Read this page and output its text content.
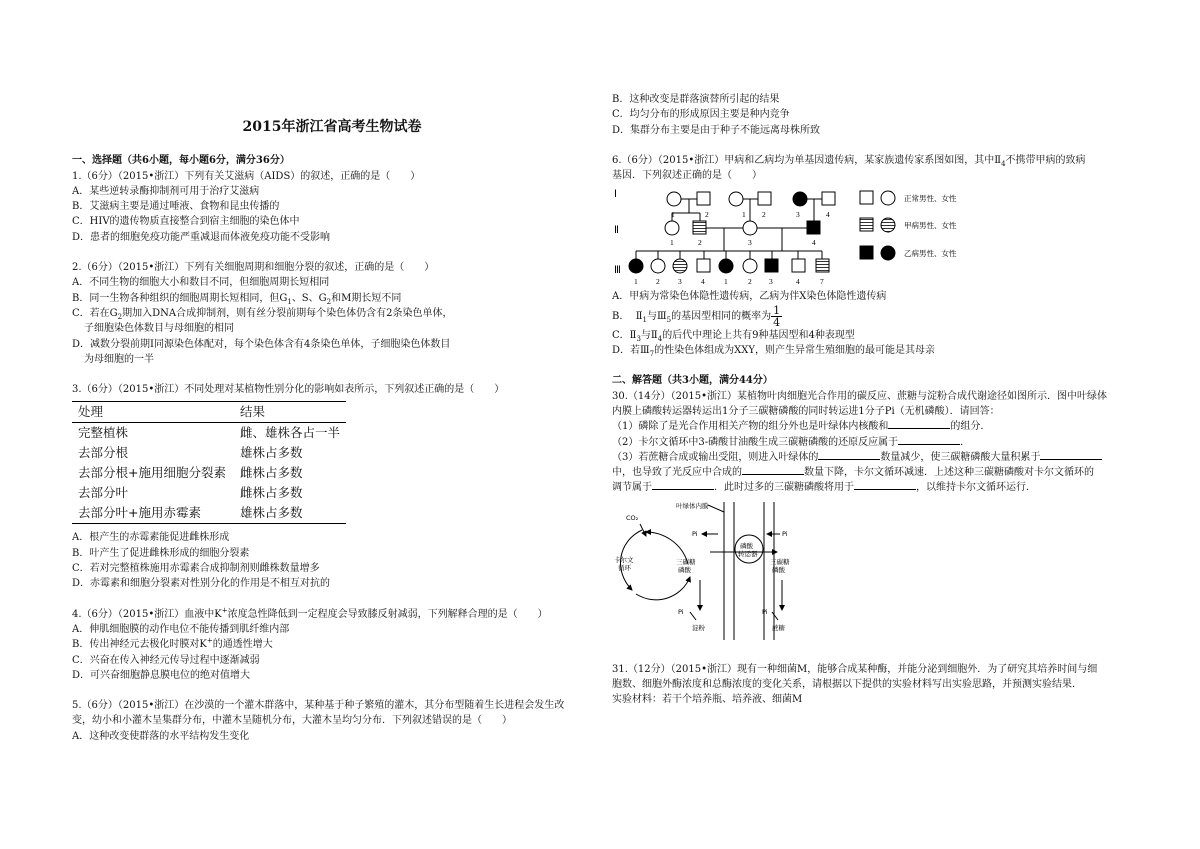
2015年浙江省高考生物试卷
一、选择题（共6小题，每小题6分，满分36分）
1.（6分）（2015•浙江）下列有关艾滋病（AIDS）的叙述，正确的是（　　）
A．某些逆转录酶抑制剂可用于治疗艾滋病
B．艾滋病主要是通过唾液、食物和昆虫传播的
C．HIV的遗传物质直接整合到宿主细胞的染色体中
D．患者的细胞免疫功能严重减退而体液免疫功能不受影响
2.（6分）（2015•浙江）下列有关细胞周期和细胞分裂的叙述，正确的是（　　）
A．不同生物的细胞大小和数目不同，但细胞周期长短相同
B．同一生物各种组织的细胞周期长短相同，但$G_1$、S、$G_2$和M期长短不同
C．若在$G_2$期加入DNA合成抑制剂，则有丝分裂前期每个染色体仍含有2条染色单体，
子细胞染色体数目与母细胞的相同
D．减数分裂前期I同源染色体配对，每个染色体含有4条染色单体，子细胞染色体数目
为母细胞的一半
3.（6分）（2015•浙江）不同处理对某植物性别分化的影响如表所示，下列叙述正确的是（　　）
处理	结果
完整植株	雌、雄株各占一半
去部分根	雄株占多数
去部分根+施用细胞分裂素	雌株占多数
去部分叶	雌株占多数
去部分叶+施用赤霉素	雄株占多数
A．根产生的赤霉素能促进雌株形成
B．叶产生了促进雌株形成的细胞分裂素
C．若对完整植株施用赤霉素合成抑制剂则雌株数量增多
D．赤霉素和细胞分裂素对性别分化的作用是不相互对抗的
4.（6分）（2015•浙江）血液中K+浓度急性降低到一定程度会导致膝反射减弱，下列解释合理的是（　　）
A．伸肌细胞膜的动作电位不能传播到肌纤维内部
B．传出神经元去极化时膜对K+的通透性增大
C．兴奋在传入神经元传导过程中逐渐减弱
D．可兴奋细胞静息膜电位的绝对值增大
5.（6分）（2015•浙江）在沙漠的一个灌木群落中，某种基于种子繁殖的灌木，其分布型随着生长进程会发生改
变，幼小和小灌木呈集群分布，中灌木呈随机分布，大灌木呈均匀分布．下列叙述错误的是（　　）
A．这种改变使群落的水平结构发生变化
B．这种改变是群落演替所引起的结果
C．均匀分布的形成原因主要是种内竞争
D．集群分布主要是由于种子不能远离母株所致
6.（6分）（2015•浙江）甲病和乙病均为单基因遗传病，某家族遗传家系图如图，其中$Ⅱ_4$不携带甲病的致病
基因．下列叙述正确的是（　　）
Ⅰ
Ⅱ
Ⅲ
1	2	1 2	3	4
1	2	3	4
1 2 3	4	1	2 3	4	7
正常男性、女性
甲病男性、女性
乙病男性、女性
A．甲病为常染色体隐性遗传病，乙病为伴X染色体隐性遗传病
B． $Ⅱ_1$与$Ⅲ_5$的基因型相同的概率为 $\frac{1}{4}$
C．$Ⅱ_3$与$Ⅱ_4$的后代中理论上共有9种基因型和4种表现型
D．若$Ⅲ_7$的性染色体组成为XXY，则产生异常生殖细胞的最可能是其母亲
二、解答题（共3小题，满分44分）
30.（14分）（2015•浙江）某植物叶肉细胞光合作用的碳反应、蔗糖与淀粉合成代谢途径如图所示．图中叶绿体
内膜上磷酸转运器转运出1分子三碳糖磷酸的同时转运进1分子Pi（无机磷酸）．请回答：
（1）磷除了是光合作用相关产物的组分外也是叶绿体内核酸和	的组分．
（2）卡尔文循环中3-磷酸甘油酸生成三碳糖磷酸的还原反应属于	．
（3）若蔗糖合成或输出受阻，则进入叶绿体的	数量减少，使三碳糖磷酸大量积累于
中，也导致了光反应中合成的	数量下降，卡尔文循环减速．上述这种三碳糖磷酸对卡尔文循环的
调节属于	．此时过多的三碳糖磷酸将用于	，以维持卡尔文循环运行．
CO₂
叶绿体内膜
Pi	Pi
磷酸
转运器
卡尔文
循环
三碳糖
磷酸
三碳糖
磷酸
Pi	Pi
淀粉	蔗糖
31.（12分）（2015•浙江）现有一种细菌M，能够合成某种酶，并能分泌到细胞外．为了研究其培养时间与细
胞数、细胞外酶浓度和总酶浓度的变化关系，请根据以下提供的实验材料写出实验思路，并预测实验结果．
实验材料：若干个培养瓶、培养液、细菌M
